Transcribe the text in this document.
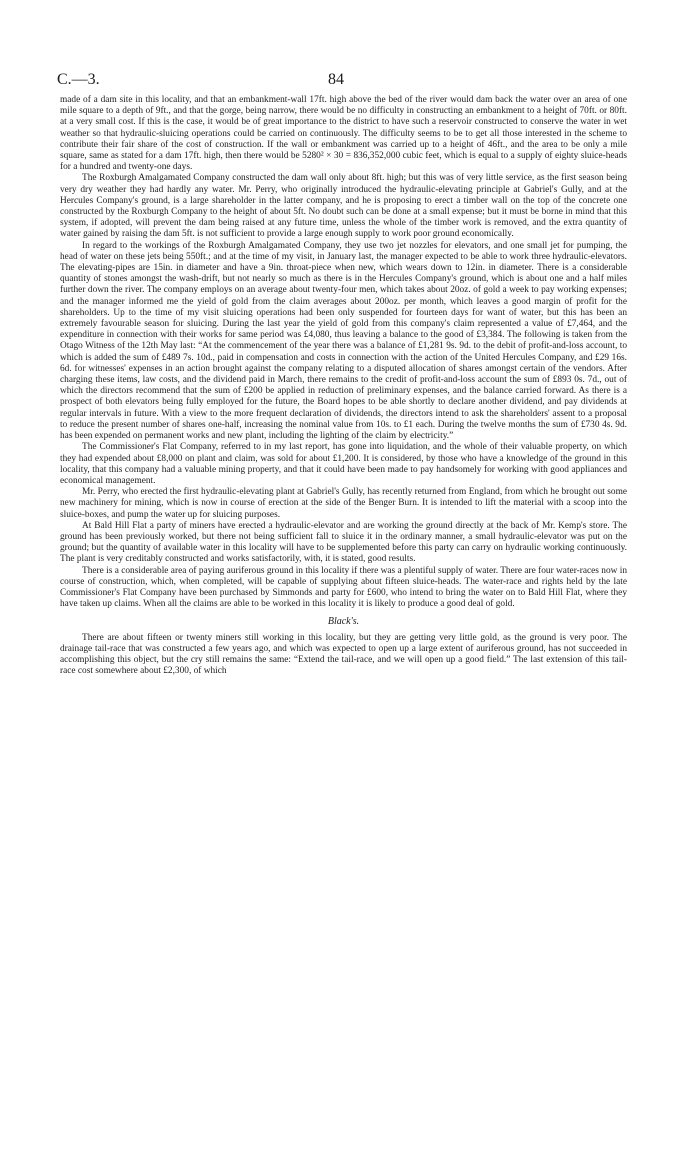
C.—3.	84

made of a dam site in this locality, and that an embankment-wall 17ft. high above the bed of the river would dam back the water over an area of one mile square to a depth of 9ft., and that the gorge, being narrow, there would be no difficulty in constructing an embankment to a height of 70ft. or 80ft. at a very small cost. If this is the case, it would be of great importance to the district to have such a reservoir constructed to conserve the water in wet weather so that hydraulic-sluicing operations could be carried on continuously. The difficulty seems to be to get all those interested in the scheme to contribute their fair share of the cost of construction. If the wall or embankment was carried up to a height of 46ft., and the area to be only a mile square, same as stated for a dam 17ft. high, then there would be 5280² × 30 = 836,352,000 cubic feet, which is equal to a supply of eighty sluice-heads for a hundred and twenty-one days.

The Roxburgh Amalgamated Company constructed the dam wall only about 8ft. high; but this was of very little service, as the first season being very dry weather they had hardly any water. Mr. Perry, who originally introduced the hydraulic-elevating principle at Gabriel's Gully, and at the Hercules Company's ground, is a large shareholder in the latter company, and he is proposing to erect a timber wall on the top of the concrete one constructed by the Roxburgh Company to the height of about 5ft. No doubt such can be done at a small expense; but it must be borne in mind that this system, if adopted, will prevent the dam being raised at any future time, unless the whole of the timber work is removed, and the extra quantity of water gained by raising the dam 5ft. is not sufficient to provide a large enough supply to work poor ground economically.

In regard to the workings of the Roxburgh Amalgamated Company, they use two jet nozzles for elevators, and one small jet for pumping, the head of water on these jets being 550ft.; and at the time of my visit, in January last, the manager expected to be able to work three hydraulic-elevators. The elevating-pipes are 15in. in diameter and have a 9in. throat-piece when new, which wears down to 12in. in diameter. There is a considerable quantity of stones amongst the wash-drift, but not nearly so much as there is in the Hercules Company's ground, which is about one and a half miles further down the river. The company employs on an average about twenty-four men, which takes about 20oz. of gold a week to pay working expenses; and the manager informed me the yield of gold from the claim averages about 200oz. per month, which leaves a good margin of profit for the shareholders. Up to the time of my visit sluicing operations had been only suspended for fourteen days for want of water, but this has been an extremely favourable season for sluicing. During the last year the yield of gold from this company's claim represented a value of £7,464, and the expenditure in connection with their works for same period was £4,080, thus leaving a balance to the good of £3,384. The following is taken from the Otago Witness of the 12th May last: “At the commencement of the year there was a balance of £1,281 9s. 9d. to the debit of profit-and-loss account, to which is added the sum of £489 7s. 10d., paid in compensation and costs in connection with the action of the United Hercules Company, and £29 16s. 6d. for witnesses' expenses in an action brought against the company relating to a disputed allocation of shares amongst certain of the vendors. After charging these items, law costs, and the dividend paid in March, there remains to the credit of profit-and-loss account the sum of £893 0s. 7d., out of which the directors recommend that the sum of £200 be applied in reduction of preliminary expenses, and the balance carried forward. As there is a prospect of both elevators being fully employed for the future, the Board hopes to be able shortly to declare another dividend, and pay dividends at regular intervals in future. With a view to the more frequent declaration of dividends, the directors intend to ask the shareholders' assent to a proposal to reduce the present number of shares one-half, increasing the nominal value from 10s. to £1 each. During the twelve months the sum of £730 4s. 9d. has been expended on permanent works and new plant, including the lighting of the claim by electricity.”

The Commissioner's Flat Company, referred to in my last report, has gone into liquidation, and the whole of their valuable property, on which they had expended about £8,000 on plant and claim, was sold for about £1,200. It is considered, by those who have a knowledge of the ground in this locality, that this company had a valuable mining property, and that it could have been made to pay handsomely for working with good appliances and economical management.

Mr. Perry, who erected the first hydraulic-elevating plant at Gabriel's Gully, has recently returned from England, from which he brought out some new machinery for mining, which is now in course of erection at the side of the Benger Burn. It is intended to lift the material with a scoop into the sluice-boxes, and pump the water up for sluicing purposes.

At Bald Hill Flat a party of miners have erected a hydraulic-elevator and are working the ground directly at the back of Mr. Kemp's store. The ground has been previously worked, but there not being sufficient fall to sluice it in the ordinary manner, a small hydraulic-elevator was put on the ground; but the quantity of available water in this locality will have to be supplemented before this party can carry on hydraulic working continuously. The plant is very creditably constructed and works satisfactorily, with, it is stated, good results.

There is a considerable area of paying auriferous ground in this locality if there was a plentiful supply of water. There are four water-races now in course of construction, which, when completed, will be capable of supplying about fifteen sluice-heads. The water-race and rights held by the late Commissioner's Flat Company have been purchased by Simmonds and party for £600, who intend to bring the water on to Bald Hill Flat, where they have taken up claims. When all the claims are able to be worked in this locality it is likely to produce a good deal of gold.

Black's.

There are about fifteen or twenty miners still working in this locality, but they are getting very little gold, as the ground is very poor. The drainage tail-race that was constructed a few years ago, and which was expected to open up a large extent of auriferous ground, has not succeeded in accomplishing this object, but the cry still remains the same: “Extend the tail-race, and we will open up a good field.” The last extension of this tail-race cost somewhere about £2,300, of which
